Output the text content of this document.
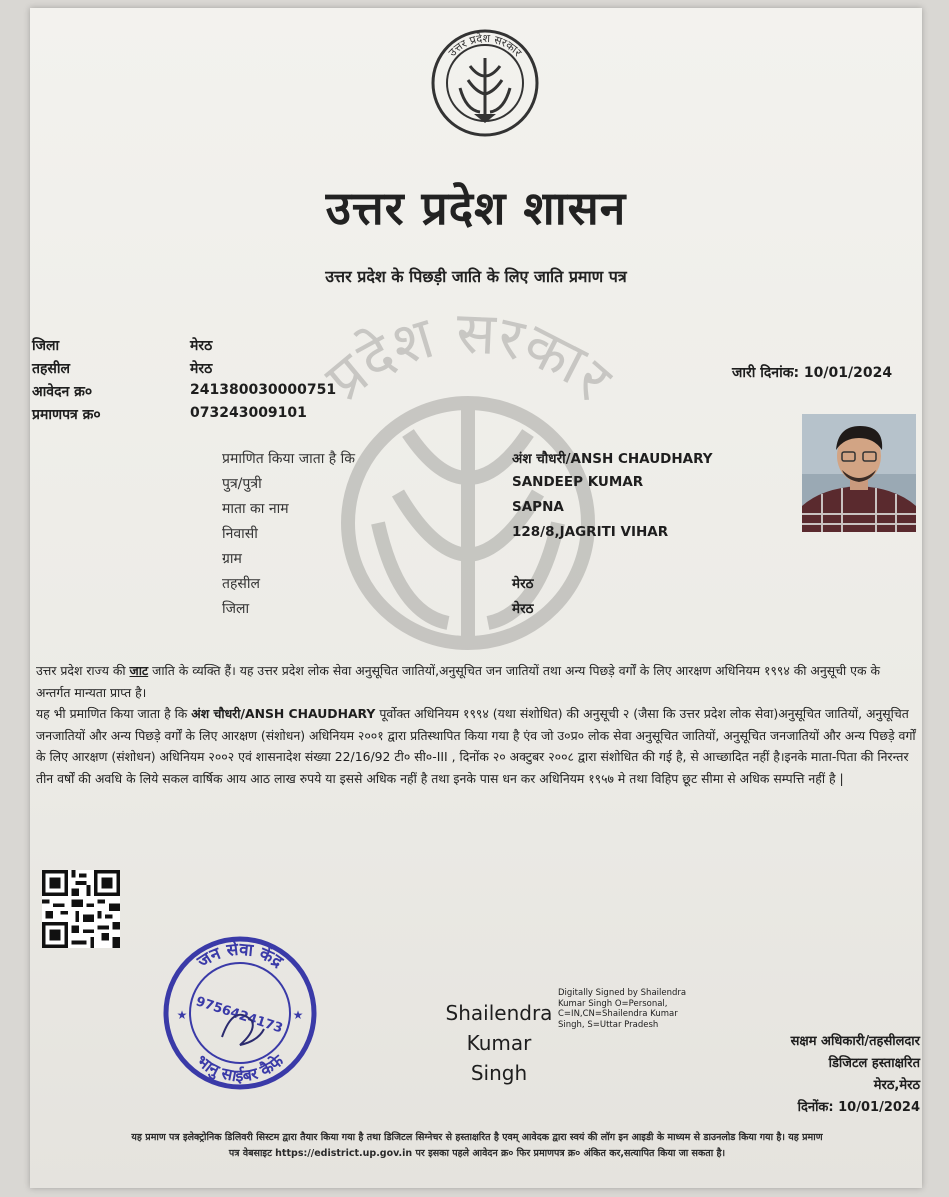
उत्तर प्रदेश सरकार
प्रदेश सरकार
उत्तर प्रदेश शासन
उत्तर प्रदेश के पिछड़ी जाति के लिए जाति प्रमाण पत्र
जिला	मेरठ
तहसील	मेरठ
आवेदन क्र०	241380030000751
प्रमाणपत्र क्र०	073243009101
जारी दिनांक: 10/01/2024
प्रमाणित किया जाता है कि	अंश चौधरी/ANSH CHAUDHARY
पुत्र/पुत्री	SANDEEP KUMAR
माता का नाम	SAPNA
निवासी	128/8,JAGRITI VIHAR
ग्राम
तहसील	मेरठ
जिला	मेरठ

उत्तर प्रदेश राज्य की जाट जाति के व्यक्ति हैं। यह उत्तर प्रदेश लोक सेवा अनुसूचित जातियों,अनुसूचित जन जातियों तथा अन्य पिछड़े वर्गों के लिए आरक्षण अधिनियम १९९४ की अनुसूची एक के अन्तर्गत मान्यता प्राप्त है।

यह भी प्रमाणित किया जाता है कि अंश चौधरी/ANSH CHAUDHARY पूर्वोक्त अधिनियम १९९४ (यथा संशोधित) की अनुसूची २ (जैसा कि उत्तर प्रदेश लोक सेवा)अनुसूचित जातियों, अनुसूचित जनजातियों और अन्य पिछड़े वर्गों के लिए आरक्षण (संशोधन) अधिनियम २००१ द्वारा प्रतिस्थापित किया गया है एंव जो उ०प्र० लोक सेवा अनुसूचित जातियों, अनुसूचित जनजातियों और अन्य पिछड़े वर्गों के लिए आरक्षण (संशोधन) अधिनियम २००२ एवं शासनादेश संख्या 22/16/92 टी० सी०-III , दिनोंक २० अक्टुबर २००८ द्वारा संशोधित की गई है, से आच्छादित नहीं है।इनके माता-पिता की निरन्तर तीन वर्षों की अवधि के लिये सकल वार्षिक आय आठ लाख रुपये या इससे अधिक नहीं है तथा इनके पास धन कर अधिनियम १९५७ मे तथा विहिप छूट सीमा से अधिक सम्पत्ति नहीं है |

जन सेवा केंद्र
भानु साईबर कैफे
9756424173
★	★	Shailendra
Kumar
Singh
Digitally Signed by Shailendra Kumar Singh O=Personal, C=IN,CN=Shailendra Kumar Singh, S=Uttar Pradesh
सक्षम अधिकारी/तहसीलदार
डिजिटल हस्ताक्षरित
मेरठ,मेरठ
दिनोंक: 10/01/2024
यह प्रमाण पत्र इलेक्ट्रोनिक डिलिवरी सिस्टम द्वारा तैयार किया गया है तथा डिजिटल सिग्नेचर से हस्ताक्षरित है एवम् आवेदक द्वारा स्वयं की लॉग इन आइडी के माध्यम से डाउनलोड किया गया है। यह प्रमाण
पत्र वेबसाइट https://edistrict.up.gov.in पर इसका पहले आवेदन क्र० फिर प्रमाणपत्र क्र० अंकित कर,सत्यापित किया जा सकता है।
